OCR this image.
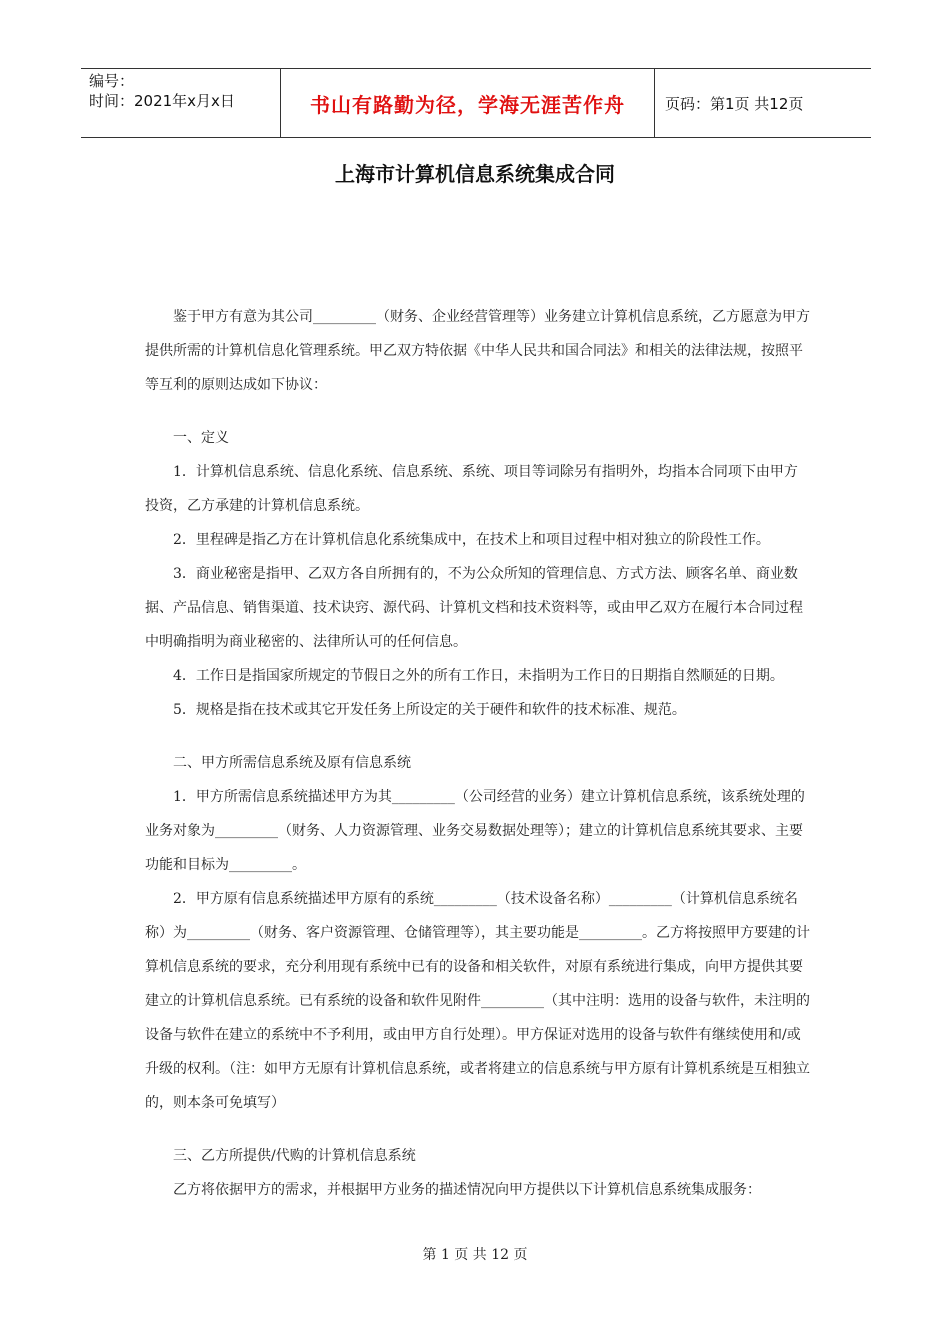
编号：
时间：2021年x月x日	书山有路勤为径，学海无涯苦作舟	页码：第1页 共12页
上海市计算机信息系统集成合同

鉴于甲方有意为其公司_________（财务、企业经营管理等）业务建立计算机信息系统，乙方愿意为甲方提供所需的计算机信息化管理系统。甲乙双方特依据《中华人民共和国合同法》和相关的法律法规，按照平等互利的原则达成如下协议：

一、定义

1．计算机信息系统、信息化系统、信息系统、系统、项目等词除另有指明外，均指本合同项下由甲方投资，乙方承建的计算机信息系统。

2．里程碑是指乙方在计算机信息化系统集成中，在技术上和项目过程中相对独立的阶段性工作。

3．商业秘密是指甲、乙双方各自所拥有的，不为公众所知的管理信息、方式方法、顾客名单、商业数据、产品信息、销售渠道、技术诀窍、源代码、计算机文档和技术资料等，或由甲乙双方在履行本合同过程中明确指明为商业秘密的、法律所认可的任何信息。

4．工作日是指国家所规定的节假日之外的所有工作日，未指明为工作日的日期指自然顺延的日期。

5．规格是指在技术或其它开发任务上所设定的关于硬件和软件的技术标准、规范。

二、甲方所需信息系统及原有信息系统

1．甲方所需信息系统描述甲方为其_________（公司经营的业务）建立计算机信息系统，该系统处理的业务对象为_________（财务、人力资源管理、业务交易数据处理等）；建立的计算机信息系统其要求、主要功能和目标为_________。

2．甲方原有信息系统描述甲方原有的系统_________（技术设备名称）_________（计算机信息系统名称）为_________（财务、客户资源管理、仓储管理等），其主要功能是_________。乙方将按照甲方要建的计算机信息系统的要求，充分利用现有系统中已有的设备和相关软件，对原有系统进行集成，向甲方提供其要建立的计算机信息系统。已有系统的设备和软件见附件_________（其中注明：选用的设备与软件，未注明的设备与软件在建立的系统中不予利用，或由甲方自行处理）。甲方保证对选用的设备与软件有继续使用和/或升级的权利。（注：如甲方无原有计算机信息系统，或者将建立的信息系统与甲方原有计算机系统是互相独立的，则本条可免填写）

三、乙方所提供/代购的计算机信息系统

乙方将依据甲方的需求，并根据甲方业务的描述情况向甲方提供以下计算机信息系统集成服务：

第 1 页 共 12 页
